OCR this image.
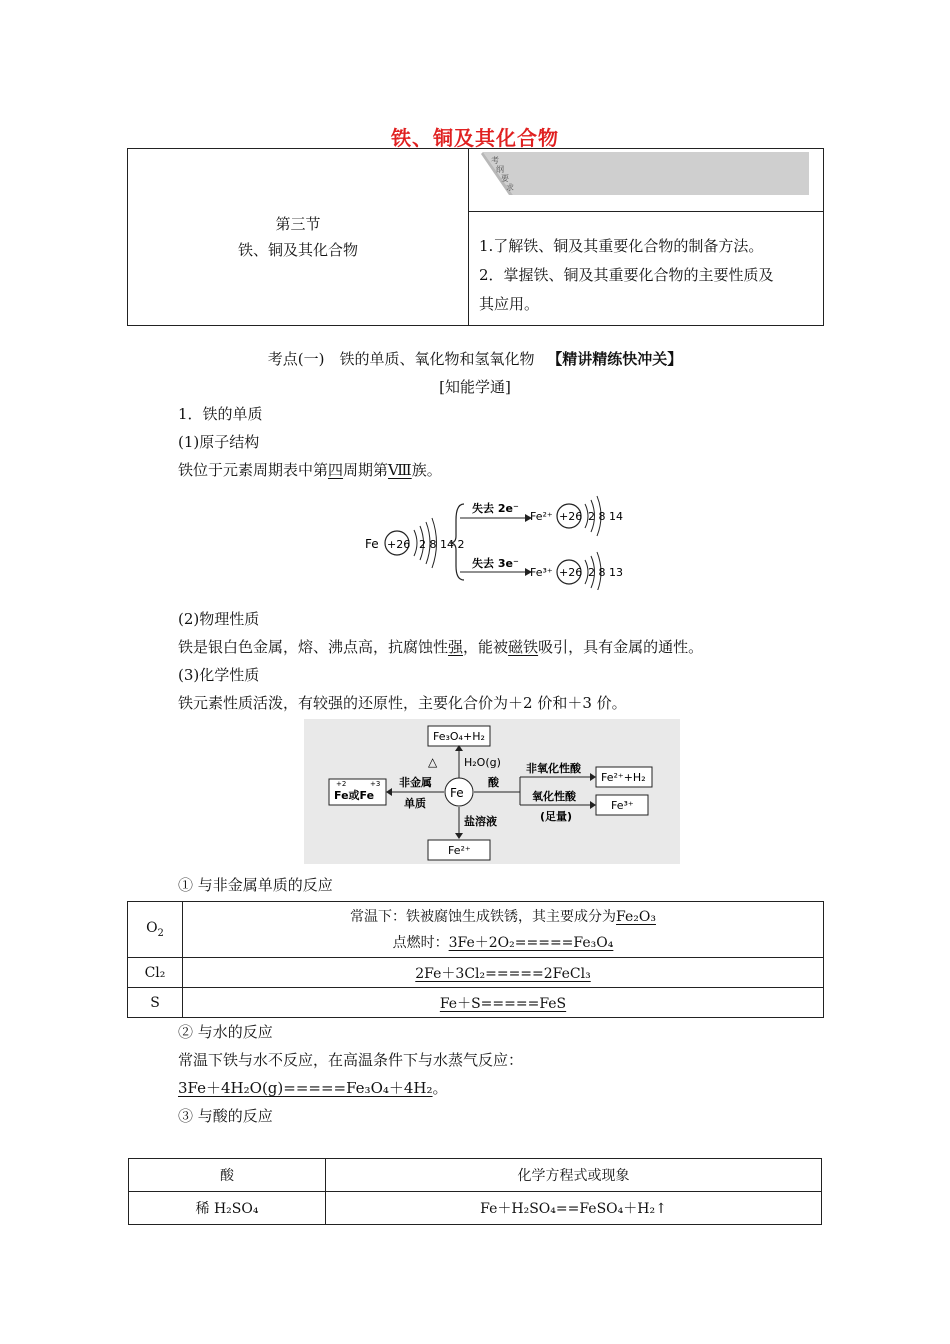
铁、铜及其化合物
第三节
铁、铜及其化合物

考
纲
要
求

1.了解铁、铜及其重要化合物的制备方法。
2．掌握铁、铜及其重要化合物的主要性质及
其应用。
考点(一)　铁的单质、氧化物和氢氧化物 【精讲精练快冲关】
[知能学通]
1．铁的单质
(1)原子结构
铁位于元素周期表中第四周期第Ⅷ族。
Fe +26 2 8 14 2
失去 2e⁻
失去 3e⁻
Fe²⁺ +26 2 8 14
Fe³⁺ +26 2 8 13
(2)物理性质
铁是银白色金属，熔、沸点高，抗腐蚀性强，能被磁铁吸引，具有金属的通性。
(3)化学性质
铁元素性质活泼，有较强的还原性，主要化合价为＋2 价和＋3 价。
Fe₃O₄+H₂
△ H₂O(g)
+2	+3
Fe或Fe
非金属
单质
Fe
酸
非氧化性酸
氧化性酸
(足量)
Fe²⁺+H₂
Fe³⁺
盐溶液
Fe²⁺
① 与非金属单质的反应
$O_2$	常温下：铁被腐蚀生成铁锈，其主要成分为Fe₂O₃
点燃时：3Fe＋2O₂=====Fe₃O₄

Cl₂	2Fe＋3Cl₂=====2FeCl₃
S	Fe＋S=====FeS
② 与水的反应
常温下铁与水不反应，在高温条件下与水蒸气反应：
3Fe＋4H₂O(g)=====Fe₃O₄＋4H₂。
③ 与酸的反应
酸	化学方程式或现象
稀 H₂SO₄	Fe＋H₂SO₄==FeSO₄＋H₂↑
